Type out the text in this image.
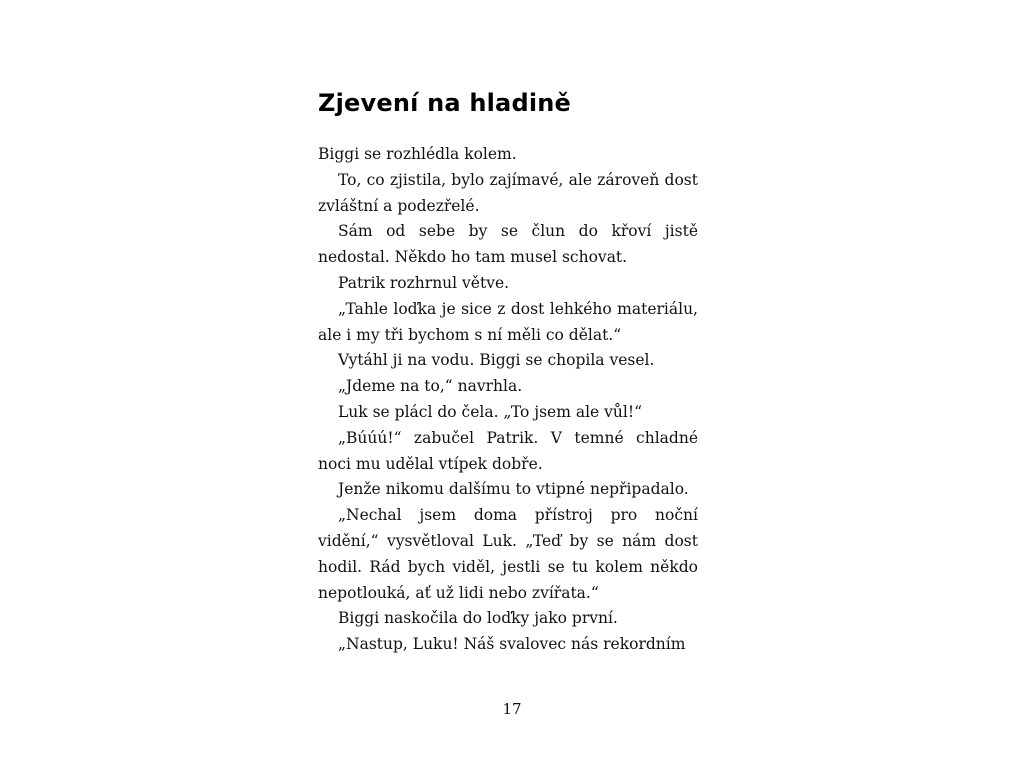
Zjevení na hladině

Biggi se rozhlédla kolem.

To, co zjistila, bylo zajímavé, ale zároveň dost zvláštní a podezřelé.

Sám od sebe by se člun do křoví jistě nedostal. Někdo ho tam musel schovat.

Patrik rozhrnul větve.

„Tahle loďka je sice z dost lehkého materiálu, ale i my tři bychom s ní měli co dělat.“

Vytáhl ji na vodu. Biggi se chopila vesel.

„Jdeme na to,“ navrhla.

Luk se plácl do čela. „To jsem ale vůl!“

„Búúú!“ zabučel Patrik. V temné chladné noci mu udělal vtípek dobře.

Jenže nikomu dalšímu to vtipné nepřipadalo.

„Nechal jsem doma přístroj pro noční vidění,“ vysvětloval Luk. „Teď by se nám dost hodil. Rád bych viděl, jestli se tu kolem někdo nepotlouká, ať už lidi nebo zvířata.“

Biggi naskočila do loďky jako první.

„Nastup, Luku! Náš svalovec nás rekordním

17
